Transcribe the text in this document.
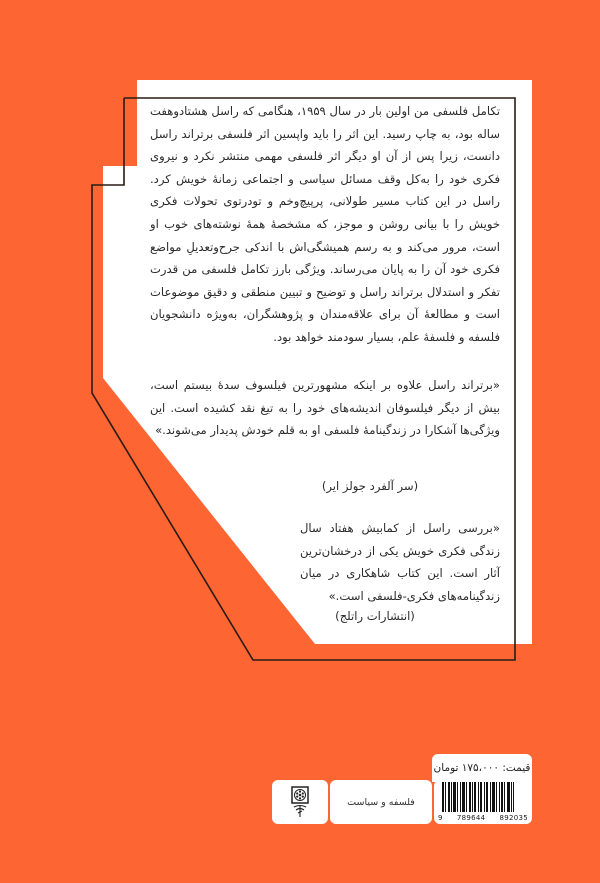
تکامل فلسفی من اولین بار در سال ۱۹۵۹، هنگامی که راسل هشتادوهفت ساله بود، به چاپ رسید. این اثر را باید واپسین اثر فلسفی برتراند راسل دانست، زیرا پس از آن او دیگر اثر فلسفی مهمی منتشر نکرد و نیروی فکری خود را به‌کل وقف مسائل سیاسی و اجتماعی زمانهٔ خویش کرد. راسل در این کتاب مسیر طولانی، پرپیچ‌وخم و تودرتوی تحولات فکری خویش را با بیانی روشن و موجز، که مشخصهٔ همهٔ نوشته‌های خوب او است، مرور می‌کند و به رسم همیشگی‌اش با اندکی جرح‌وتعدیلِ مواضع فکری خود آن را به پایان می‌رساند. ویژگی بارز تکامل فلسفی من قدرت تفکر و استدلال برتراند راسل و توضیح و تبیین منطقی و دقیق موضوعات است و مطالعهٔ آن برای علاقه‌مندان و پژوهشگران، به‌ویژه دانشجویان فلسفه و فلسفهٔ علم، بسیار سودمند خواهد بود.

«برتراند راسل علاوه بر اینکه مشهورترین فیلسوف سدهٔ بیستم است، بیش از دیگر فیلسوفان اندیشه‌های خود را به تیغ نقد کشیده است. این ویژگی‌ها آشکارا در زندگینامهٔ فلسفی او به قلم خودش پدیدار می‌شوند.»

(سر آلفرد جولز ایر)

«بررسی راسل از کمابیش هفتاد سال زندگی فکری خویش یکی از درخشان‌ترین آثار است. این کتاب شاهکاری در میان زندگینامه‌های فکری-فلسفی است.»

(انتشارات راتلج)
قیمت: ۱۷۵،۰۰۰ تومان
فلسفه و سیاست
9 789644 892035
